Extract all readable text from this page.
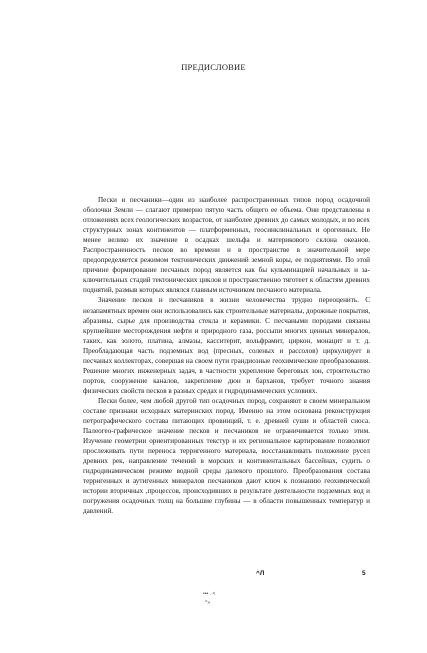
ПРЕДИСЛОВИЕ

Пески и песчаники—один из наиболее распространенных типов пород осадочной оболочки Земли — слагают примерно пятую часть общего ее объема. Они представлены в отложениях всех геологических возрастов, от наиболее древних до самых молодых, и во всех структурных зонах континентов — платформенных, геосинклинальных и орогенных. Не менее велико их значение в осадках шельфа и материкового склона океанов. Распространенность песков во времени и в пространстве в значительной мере предопределяется режимом тектонических движений земной коры, ее поднятиями. По этой причине формирование песчаных пород является как бы кульминацией начальных и заключительных стадий тектонических циклов и пространственно тяготеет к областям древних поднятий, размыв которых являлся главным источником песчаного материала.

Значение песков и песчаников в жизни человечества трудно переоценить. С незапамятных времен они использовались как строительные материалы, дорожные покрытия, абразивы, сырье для производства стекла и керамики. С песчаными породами связаны крупнейшие месторождения нефти и природного газа, россыпи многих ценных минералов, таких, как золото, платина, алмазы, касситерит, вольфрамит, циркон, монацит и т. д. Преобладающая часть подземных вод (пресных, соленых и рассолов) циркулирует в песчаных коллекторах, совершая на своем пути грандиозные геохимические преобразования. Решение многих инженерных задач, в частности укрепление береговых зон, строительство портов, сооружение каналов, закрепление дюн и барханов, требует точного знания физических свойств песков в разных средах и гидродинамических условиях.

Пески более, чем любой другой тип осадочных пород, сохраняют в своем минеральном составе признаки исходных материнских пород. Именно на этом основана реконструкция петрографического состава питающих провинций, т. е. древней суши и областей сноса. Палеогео-графическое значение песков и песчаников не ограничивается только этим. Изучение геометрии ориентированных текстур и их региональное картирование позволяют прослеживать пути переноса терригенного материала, восстанавливать положение русел древних рек, направление течений в морских и континентальных бассейнах, судить о гидродинамическом режиме водной среды далекого прошлого. Преобразования состава терригенных и аутигенных минералов песчаников дают ключ к познанию геохимической истории вторичных ,процессов, происходивших в результате деятельности подземных вод и погружения осадочных толщ на большие глубины — в области повышенных температур и давлений.

^Л	5
••• . <
^»
